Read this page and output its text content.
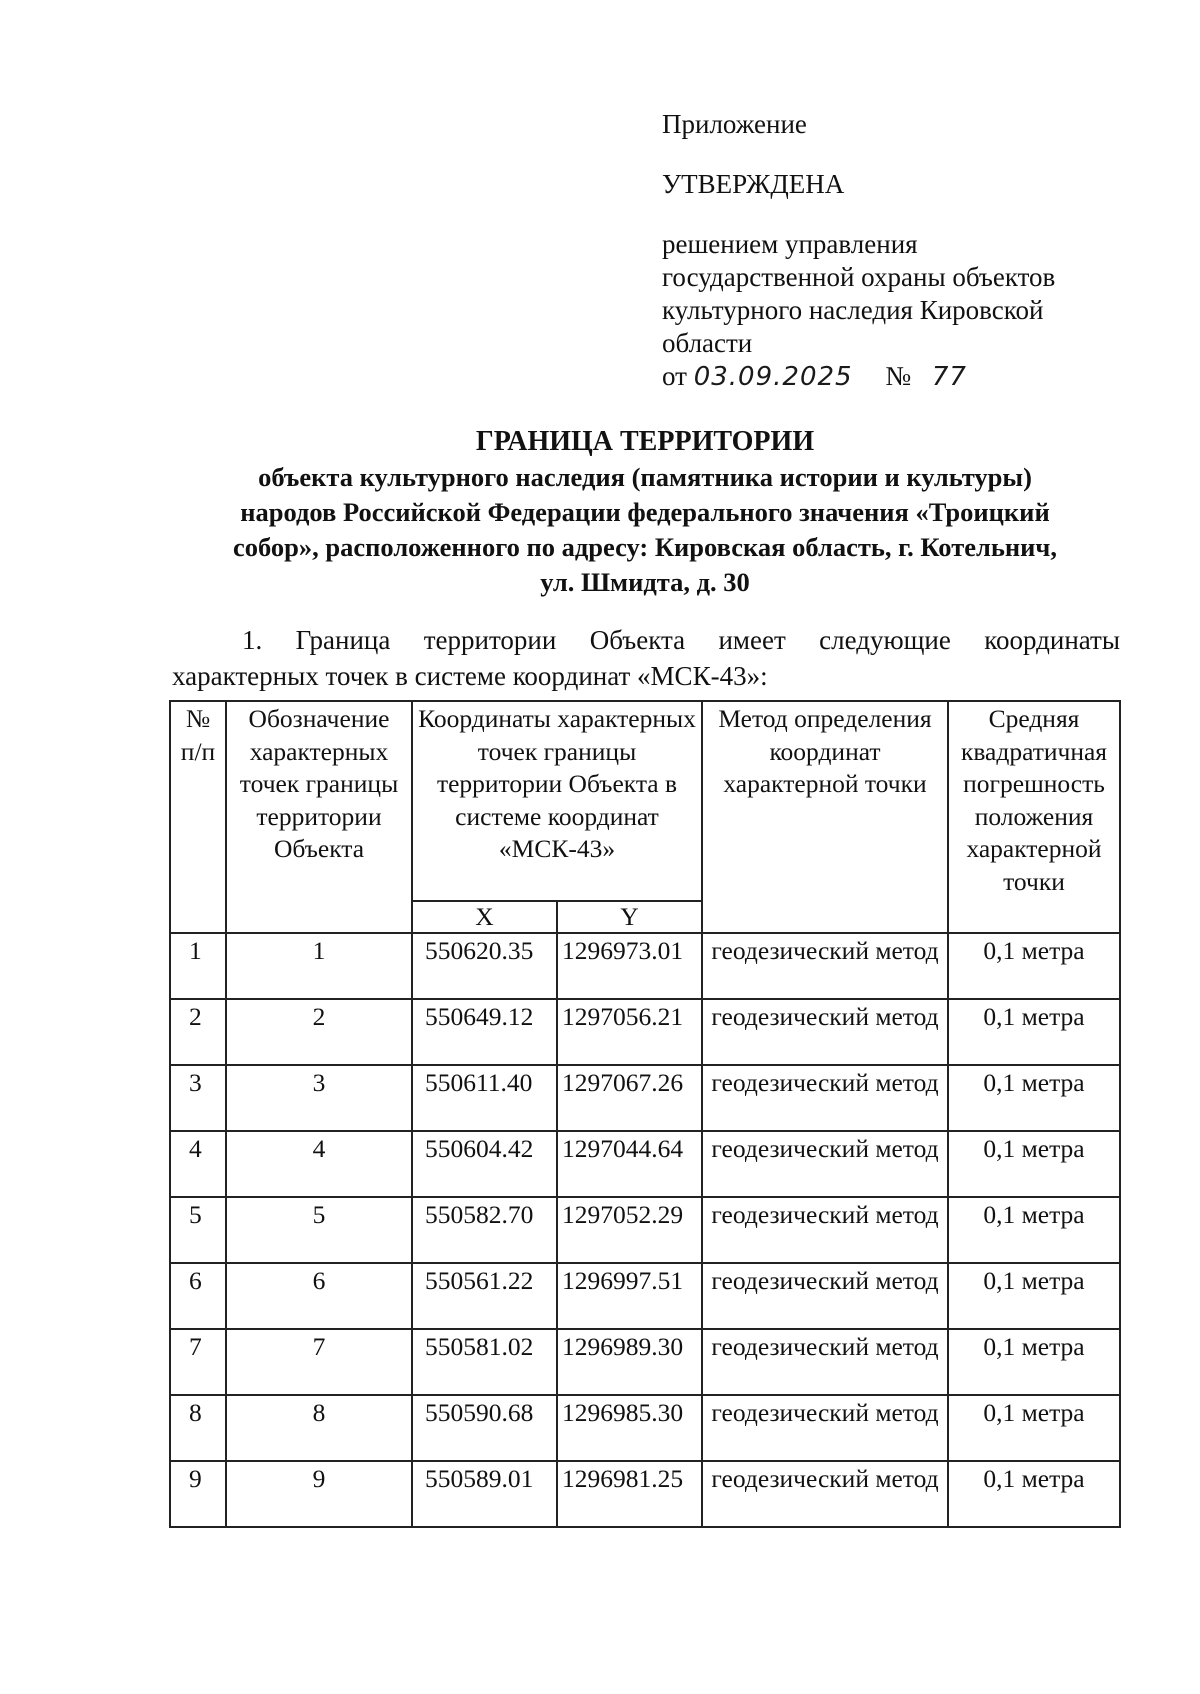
Приложение
УТВЕРЖДЕНА
решением управления
государственной охраны объектов
культурного наследия Кировской
области
от 03.09.2025 № 77
ГРАНИЦА ТЕРРИТОРИИ
объекта культурного наследия (памятника истории и культуры)
народов Российской Федерации федерального значения «Троицкий
собор», расположенного по адресу: Кировская область, г. Котельнич,
ул. Шмидта, д. 30
1. Граница территории Объекта имеет следующие координаты
характерных точек в системе координат «МСК-43»:
№ п/п	Обозначение характерных точек границы территории Объекта	Координаты характерных точек границы территории Объекта в системе координат «МСК-43»		Метод определения координат характерной точки	Средняя квадратичная погрешность положения характерной точки
		X	Y		
1	1	550620.35	1296973.01	геодезический метод	0,1 метра
2	2	550649.12	1297056.21	геодезический метод	0,1 метра
3	3	550611.40	1297067.26	геодезический метод	0,1 метра
4	4	550604.42	1297044.64	геодезический метод	0,1 метра
5	5	550582.70	1297052.29	геодезический метод	0,1 метра
6	6	550561.22	1296997.51	геодезический метод	0,1 метра
7	7	550581.02	1296989.30	геодезический метод	0,1 метра
8	8	550590.68	1296985.30	геодезический метод	0,1 метра
9	9	550589.01	1296981.25	геодезический метод	0,1 метра
